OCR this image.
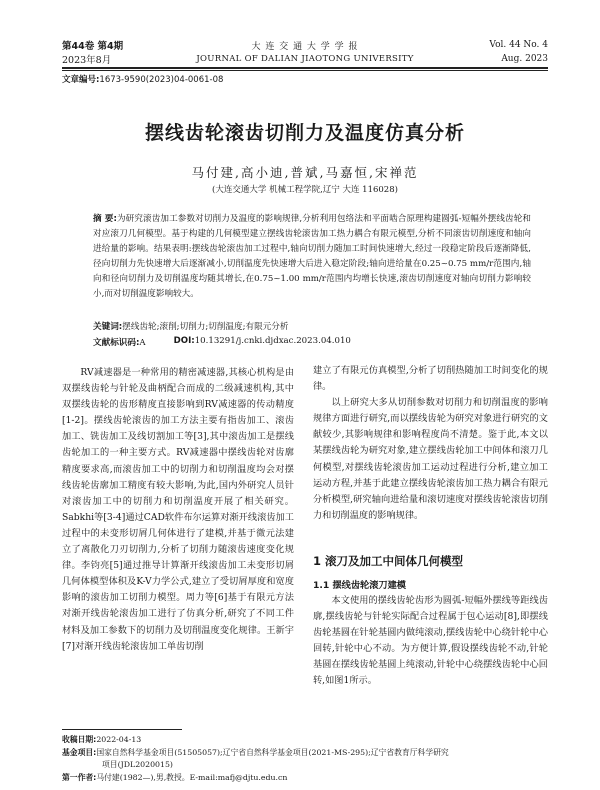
第44卷 第4期	大 连 交 通 大 学 学 报	Vol. 44 No. 4
2023年8月	JOURNAL OF DALIAN JIAOTONG UNIVERSITY	Aug. 2023
文章编号:1673-9590(2023)04-0061-08
摆线齿轮滚齿切削力及温度仿真分析
马付建,高小迪,普斌,马嘉恒,宋禅范
(大连交通大学 机械工程学院,辽宁 大连 116028)
摘 要:为研究滚齿加工参数对切削力及温度的影响规律,分析利用包络法和平面啮合原理构建圆弧-短幅外摆线齿轮和对应滚刀几何模型。基于构建的几何模型建立摆线齿轮滚齿加工热力耦合有限元模型,分析不同滚齿切削速度和轴向进给量的影响。结果表明:摆线齿轮滚齿加工过程中,轴向切削力随加工时间快速增大,经过一段稳定阶段后逐渐降低,径向切削力先快速增大后逐渐减小,切削温度先快速增大后进入稳定阶段;轴向进给量在0.25~0.75 mm/r范围内,轴向和径向切削力及切削温度均随其增长,在0.75~1.00 mm/r范围内均增长快速,滚齿切削速度对轴向切削力影响较小,而对切削温度影响较大。
关键词:摆线齿轮;滚削;切削力;切削温度;有限元分析
文献标识码:A	DOI:10.13291/j.cnki.djdxac.2023.04.010

RV减速器是一种常用的精密减速器,其核心机构是由双摆线齿轮与针轮及曲柄配合而成的二级减速机构,其中双摆线齿轮的齿形精度直接影响到RV减速器的传动精度[1-2]。摆线齿轮滚齿的加工方法主要有指齿加工、滚齿加工、铣齿加工及线切割加工等[3],其中滚齿加工是摆线齿轮加工的一种主要方式。RV减速器中摆线齿轮对齿廓精度要求高,而滚齿加工中的切削力和切削温度均会对摆线齿轮齿廓加工精度有较大影响,为此,国内外研究人员针对滚齿加工中的切削力和切削温度开展了相关研究。Sabkhi等[3-4]通过CAD软件布尔运算对渐开线滚齿加工过程中的未变形切屑几何体进行了建模,并基于微元法建立了离散化刀刃切削力,分析了切削力随滚齿速度变化规律。李钧亮[5]通过推导计算渐开线滚齿加工未变形切屑几何体模型体积及K-V力学公式,建立了受切屑厚度和宽度影响的滚齿加工切削力模型。周力等[6]基于有限元方法对渐开线齿轮滚齿加工进行了仿真分析,研究了不同工件材料及加工参数下的切削力及切削温度变化规律。王新宇[7]对渐开线齿轮滚齿加工单齿切削

建立了有限元仿真模型,分析了切削热随加工时间变化的规律。

以上研究大多从切削参数对切削力和切削温度的影响规律方面进行研究,而以摆线齿轮为研究对象进行研究的文献较少,其影响规律和影响程度尚不清楚。鉴于此,本文以某摆线齿轮为研究对象,建立摆线齿轮加工中间体和滚刀几何模型,对摆线齿轮滚齿加工运动过程进行分析,建立加工运动方程,并基于此建立摆线齿轮滚齿加工热力耦合有限元分析模型,研究轴向进给量和滚切速度对摆线齿轮滚齿切削力和切削温度的影响规律。

1 滚刀及加工中间体几何模型
1.1 摆线齿轮滚刀建模

本文使用的摆线齿轮齿形为圆弧-短幅外摆线等距线齿廓,摆线齿轮与针轮实际配合过程属于包心运动[8],即摆线齿轮基圆在针轮基圆内做纯滚动,摆线齿轮中心绕针轮中心回转,针轮中心不动。为方便计算,假设摆线齿轮不动,针轮基圆在摆线齿轮基圆上纯滚动,针轮中心绕摆线齿轮中心回转,如图1所示。

收稿日期:2022-04-13
基金项目:国家自然科学基金项目(51505057);辽宁省自然科学基金项目(2021-MS-295);辽宁省教育厅科学研究
项目(JDL2020015)
第一作者:马付建(1982—),男,教授。E-mail:mafj@djtu.edu.cn
